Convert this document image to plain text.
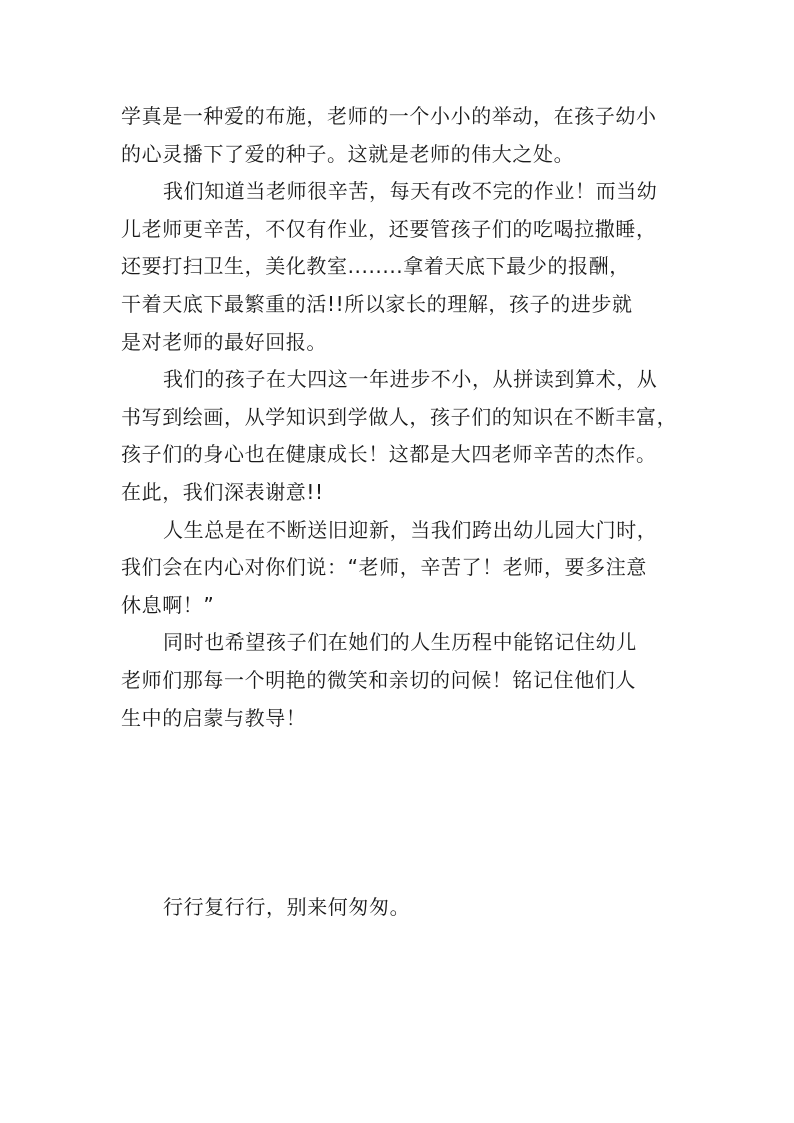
学真是一种爱的布施，老师的一个小小的举动，在孩子幼小
的心灵播下了爱的种子。这就是老师的伟大之处。
我们知道当老师很辛苦，每天有改不完的作业！而当幼
儿老师更辛苦，不仅有作业，还要管孩子们的吃喝拉撒睡，
还要打扫卫生，美化教室........拿着天底下最少的报酬，
干着天底下最繁重的活!!所以家长的理解，孩子的进步就
是对老师的最好回报。
我们的孩子在大四这一年进步不小，从拼读到算术，从
书写到绘画，从学知识到学做人，孩子们的知识在不断丰富，
孩子们的身心也在健康成长！这都是大四老师辛苦的杰作。
在此，我们深表谢意!!
人生总是在不断送旧迎新，当我们跨出幼儿园大门时，
我们会在内心对你们说：“老师，辛苦了！老师，要多注意
休息啊！”
同时也希望孩子们在她们的人生历程中能铭记住幼儿
老师们那每一个明艳的微笑和亲切的问候！铭记住他们人
生中的启蒙与教导！
行行复行行，别来何匆匆。
